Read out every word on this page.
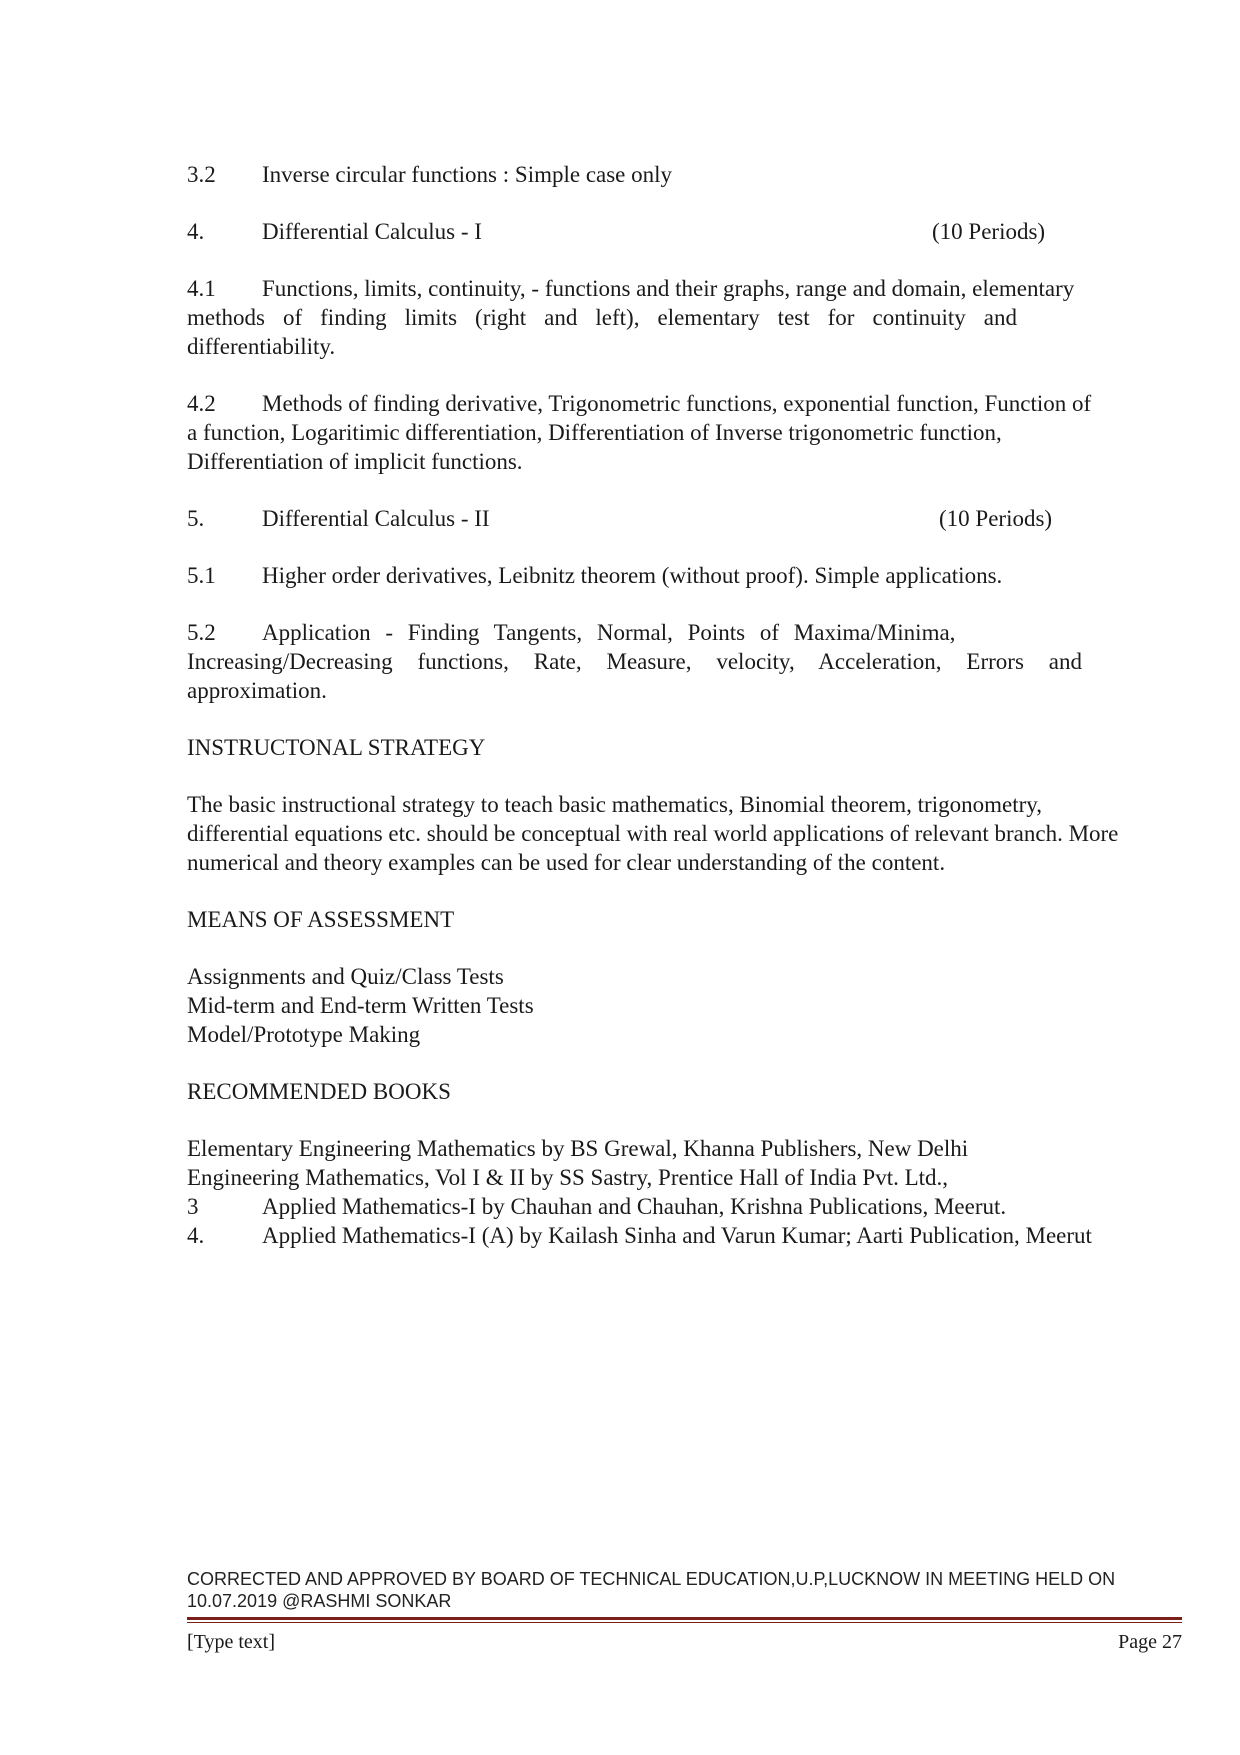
3.2 Inverse circular functions : Simple case only
4.	Differential Calculus - I	(10 Periods)
4.1 Functions, limits, continuity, - functions and their graphs, range and domain, elementary
methods of finding limits (right and left), elementary test for continuity and differentiability.
4.2 Methods of finding derivative, Trigonometric functions, exponential function, Function of
a function, Logaritimic differentiation, Differentiation of Inverse trigonometric function, Differentiation of implicit functions.
5.	Differential Calculus - II	(10 Periods)
5.1 Higher order derivatives, Leibnitz theorem (without proof). Simple applications.
5.2 Application - Finding Tangents, Normal, Points of Maxima/Minima,
Increasing/Decreasing functions, Rate, Measure, velocity, Acceleration, Errors and approximation.
INSTRUCTONAL STRATEGY
The basic instructional strategy to teach basic mathematics, Binomial theorem, trigonometry, differential equations etc. should be conceptual with real world applications of relevant branch. More numerical and theory examples can be used for clear understanding of the content.
MEANS OF ASSESSMENT
Assignments and Quiz/Class Tests
Mid-term and End-term Written Tests
Model/Prototype Making
RECOMMENDED BOOKS
Elementary Engineering Mathematics by BS Grewal, Khanna Publishers, New Delhi
Engineering Mathematics, Vol I & II by SS Sastry, Prentice Hall of India Pvt. Ltd.,
3	Applied Mathematics-I by Chauhan and Chauhan, Krishna Publications, Meerut.
4.	Applied Mathematics-I (A) by Kailash Sinha and Varun Kumar; Aarti Publication, Meerut
CORRECTED AND APPROVED BY BOARD OF TECHNICAL EDUCATION,U.P,LUCKNOW IN MEETING HELD ON 10.07.2019 @RASHMI SONKAR
[Type text]	Page 27
